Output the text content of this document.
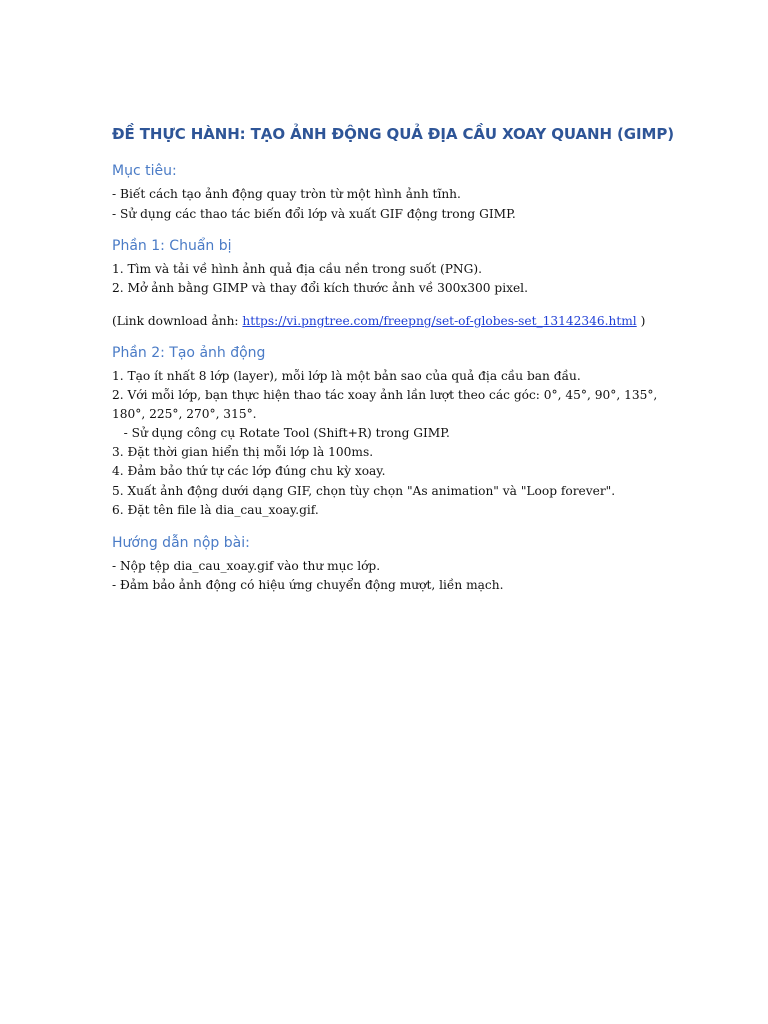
ĐỀ THỰC HÀNH: TẠO ẢNH ĐỘNG QUẢ ĐỊA CẦU XOAY QUANH (GIMP)
Mục tiêu:
- Biết cách tạo ảnh động quay tròn từ một hình ảnh tĩnh.
- Sử dụng các thao tác biến đổi lớp và xuất GIF động trong GIMP.
Phần 1: Chuẩn bị
1. Tìm và tải về hình ảnh quả địa cầu nền trong suốt (PNG).
2. Mở ảnh bằng GIMP và thay đổi kích thước ảnh về 300x300 pixel.
(Link download ảnh: https://vi.pngtree.com/freepng/set-of-globes-set_13142346.html )
Phần 2: Tạo ảnh động
1. Tạo ít nhất 8 lớp (layer), mỗi lớp là một bản sao của quả địa cầu ban đầu.
2. Với mỗi lớp, bạn thực hiện thao tác xoay ảnh lần lượt theo các góc: 0°, 45°, 90°, 135°,
180°, 225°, 270°, 315°.
- Sử dụng công cụ Rotate Tool (Shift+R) trong GIMP.
3. Đặt thời gian hiển thị mỗi lớp là 100ms.
4. Đảm bảo thứ tự các lớp đúng chu kỳ xoay.
5. Xuất ảnh động dưới dạng GIF, chọn tùy chọn "As animation" và "Loop forever".
6. Đặt tên file là dia_cau_xoay.gif.
Hướng dẫn nộp bài:
- Nộp tệp dia_cau_xoay.gif vào thư mục lớp.
- Đảm bảo ảnh động có hiệu ứng chuyển động mượt, liền mạch.
